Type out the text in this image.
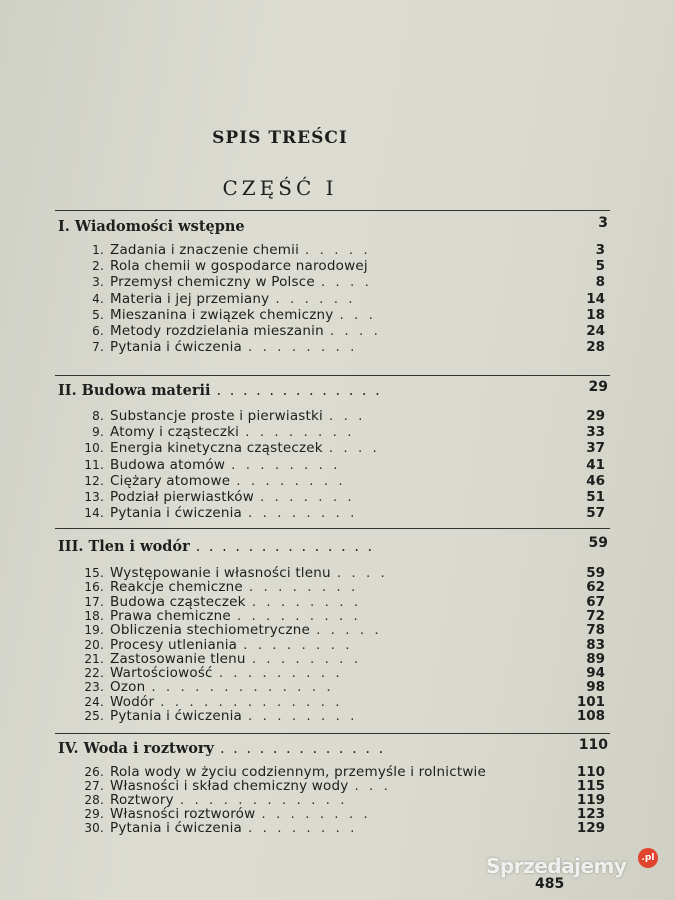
SPIS TREŚCI
CZĘŚĆ I
I. Wiadomości wstępne	3
1. Zadania i znaczenie chemii . . . . .	3
2. Rola chemii w gospodarce narodowej	5
3. Przemysł chemiczny w Polsce . . . .	8
4. Materia i jej przemiany . . . . . .	14
5. Mieszanina i związek chemiczny . . .	18
6. Metody rozdzielania mieszanin . . . .	24
7. Pytania i ćwiczenia . . . . . . . .	28
II. Budowa materii . . . . . . . . . . . . .	29
8. Substancje proste i pierwiastki . . .	29
9. Atomy i cząsteczki . . . . . . . .	33
10. Energia kinetyczna cząsteczek . . . .	37
11. Budowa atomów . . . . . . . .	41
12. Ciężary atomowe . . . . . . . .	46
13. Podział pierwiastków . . . . . . .	51
14. Pytania i ćwiczenia . . . . . . . .	57
III. Tlen i wodór . . . . . . . . . . . . . .	59
15. Występowanie i własności tlenu . . . .	59
16. Reakcje chemiczne . . . . . . . .	62
17. Budowa cząsteczek . . . . . . . .	67
18. Prawa chemiczne . . . . . . . . .	72
19. Obliczenia stechiometryczne . . . . .	78
20. Procesy utleniania . . . . . . . .	83
21. Zastosowanie tlenu . . . . . . . .	89
22. Wartościowość . . . . . . . . .	94
23. Ozon . . . . . . . . . . . . .	98
24. Wodór . . . . . . . . . . . . .	101
25. Pytania i ćwiczenia . . . . . . . .	108
IV. Woda i roztwory . . . . . . . . . . . . .	110
26. Rola wody w życiu codziennym, przemyśle i rolnictwie	110
27. Własności i skład chemiczny wody . . .	115
28. Roztwory . . . . . . . . . . . .	119
29. Własności roztworów . . . . . . . .	123
30. Pytania i ćwiczenia . . . . . . . .	129
485
Sprzedajemy	.pl
